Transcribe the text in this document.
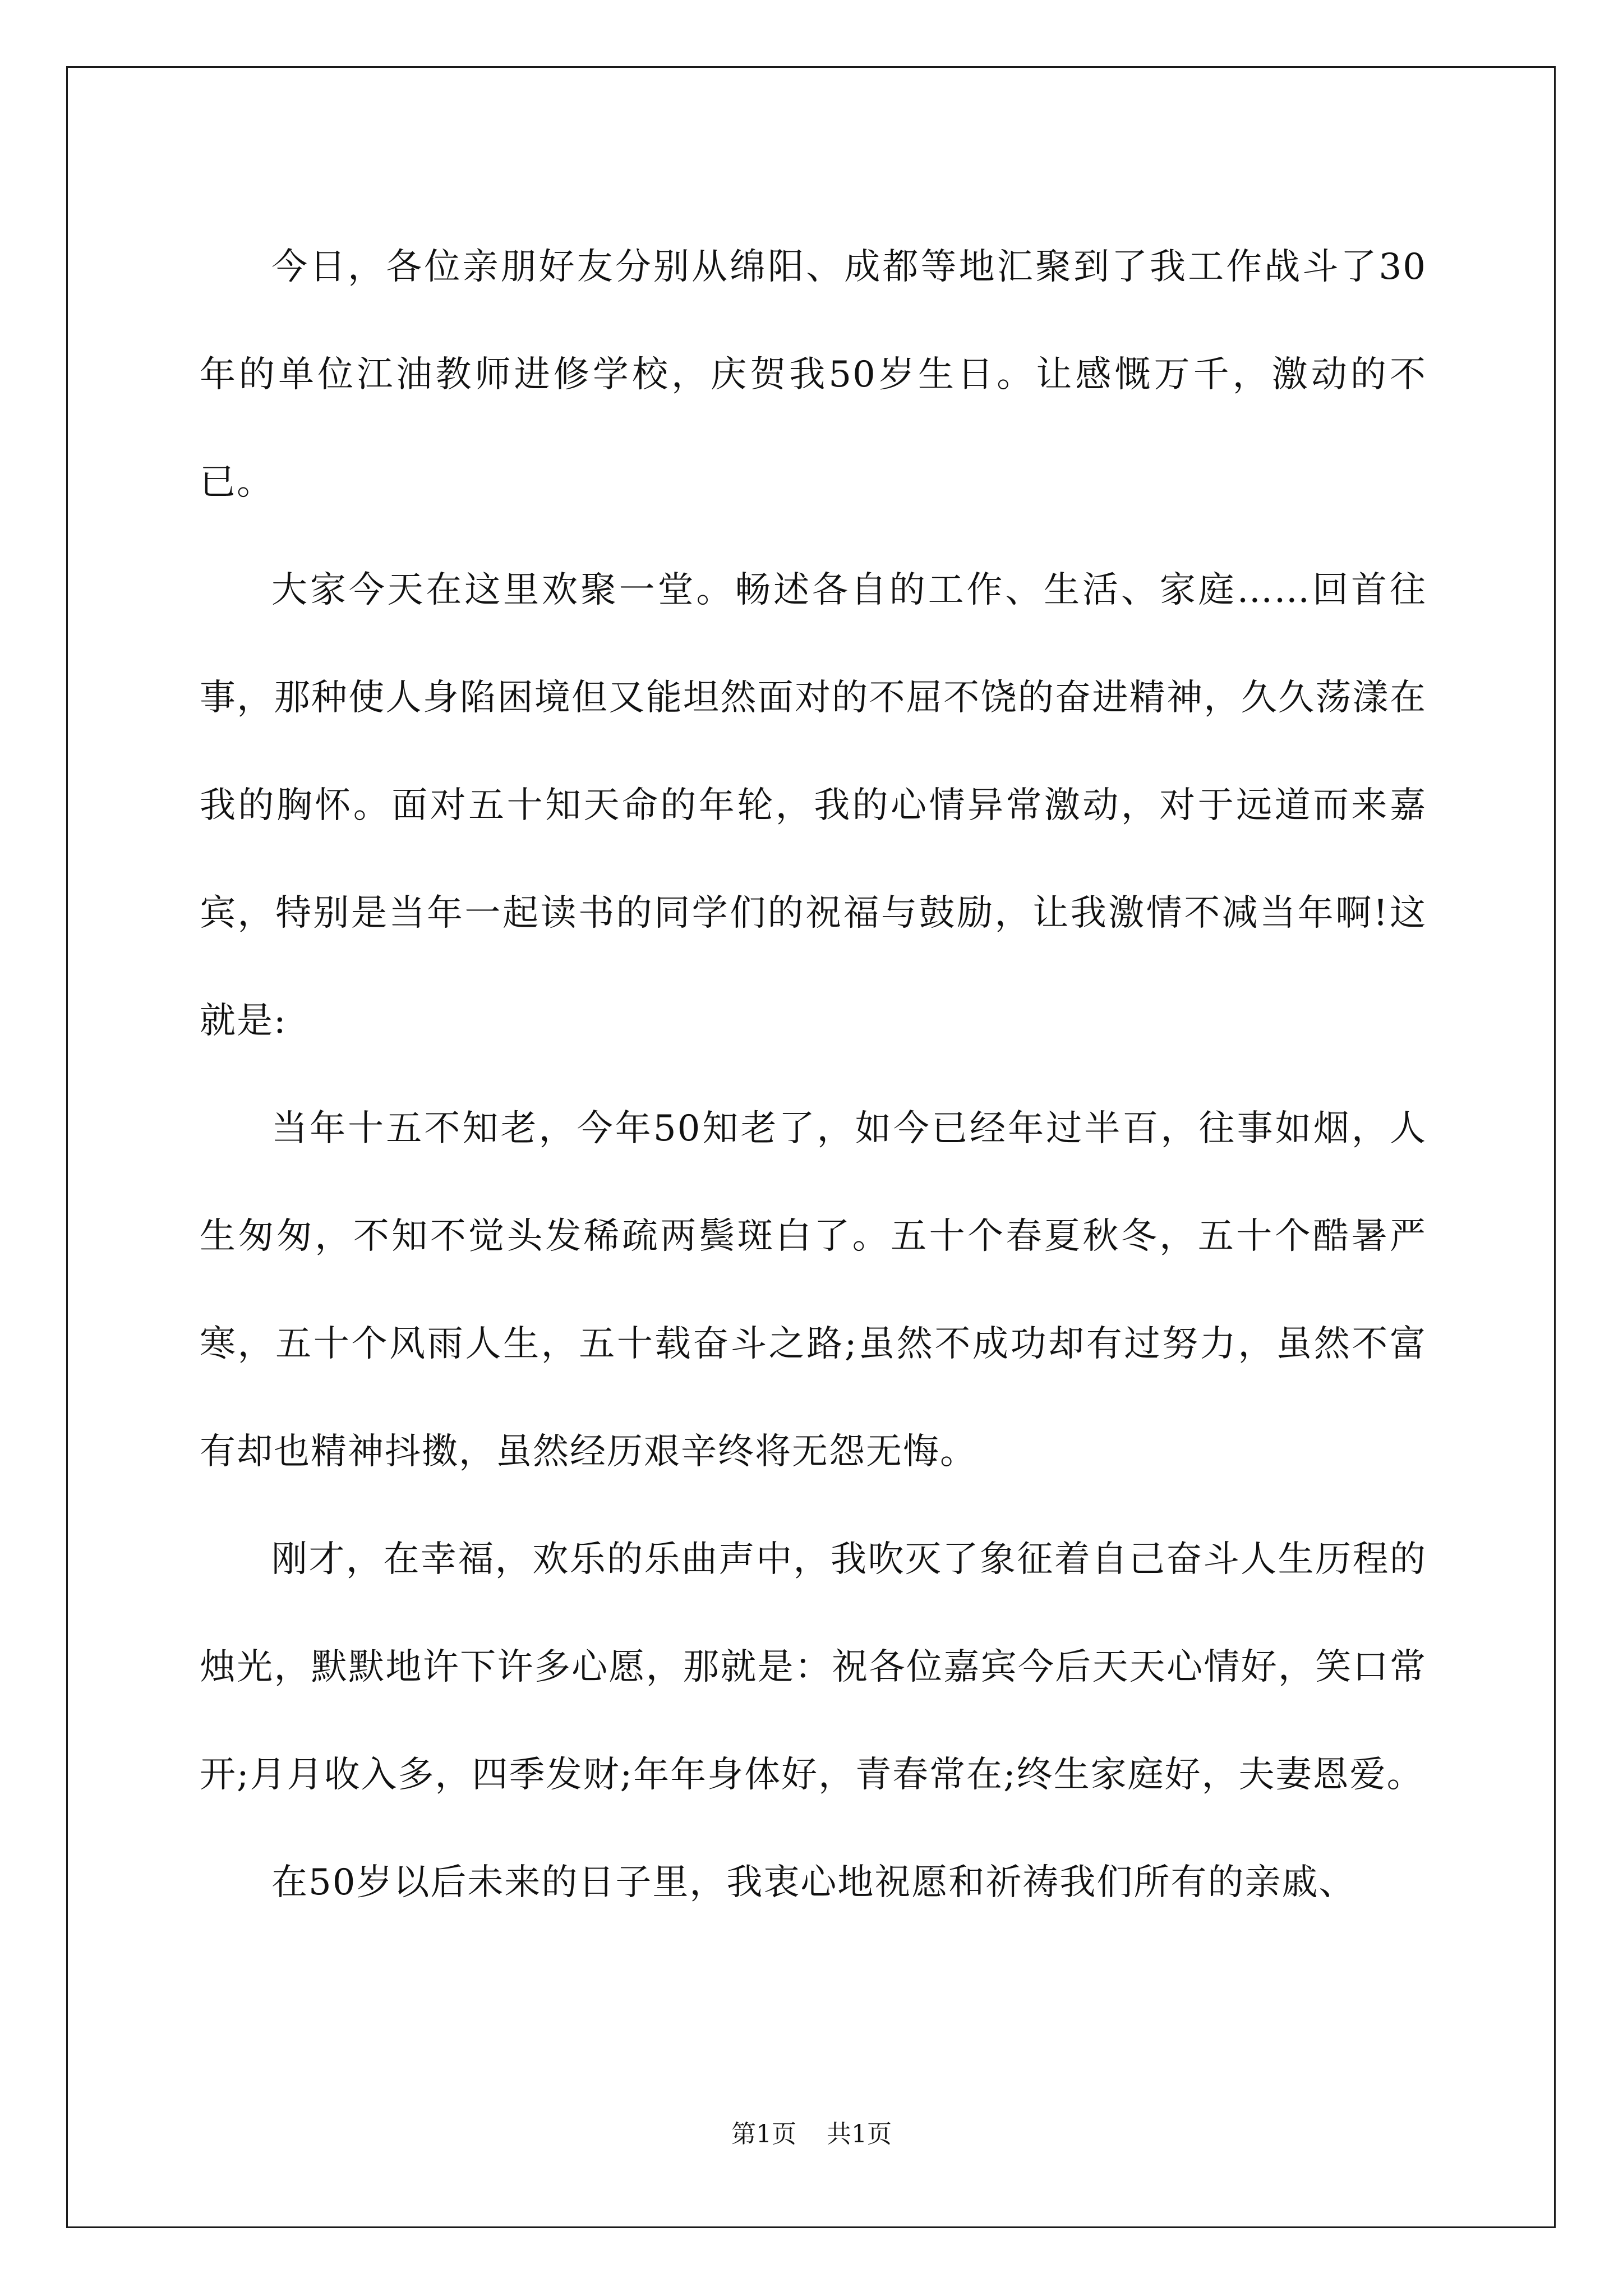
今日，各位亲朋好友分别从绵阳、成都等地汇聚到了我工作战斗了30年的单位江油教师进修学校，庆贺我50岁生日。让感慨万千，激动的不已。

大家今天在这里欢聚一堂。畅述各自的工作、生活、家庭……回首往事，那种使人身陷困境但又能坦然面对的不屈不饶的奋进精神，久久荡漾在我的胸怀。面对五十知天命的年轮，我的心情异常激动，对于远道而来嘉宾，特别是当年一起读书的同学们的祝福与鼓励，让我激情不减当年啊!这就是:

当年十五不知老，今年50知老了，如今已经年过半百，往事如烟，人生匆匆，不知不觉头发稀疏两鬓斑白了。五十个春夏秋冬，五十个酷暑严寒，五十个风雨人生，五十载奋斗之路;虽然不成功却有过努力，虽然不富有却也精神抖擞，虽然经历艰辛终将无怨无悔。

刚才，在幸福，欢乐的乐曲声中，我吹灭了象征着自己奋斗人生历程的烛光，默默地许下许多心愿，那就是：祝各位嘉宾今后天天心情好，笑口常开;月月收入多，四季发财;年年身体好，青春常在;终生家庭好，夫妻恩爱。

在50岁以后未来的日子里，我衷心地祝愿和祈祷我们所有的亲戚、

第1页 共1页
